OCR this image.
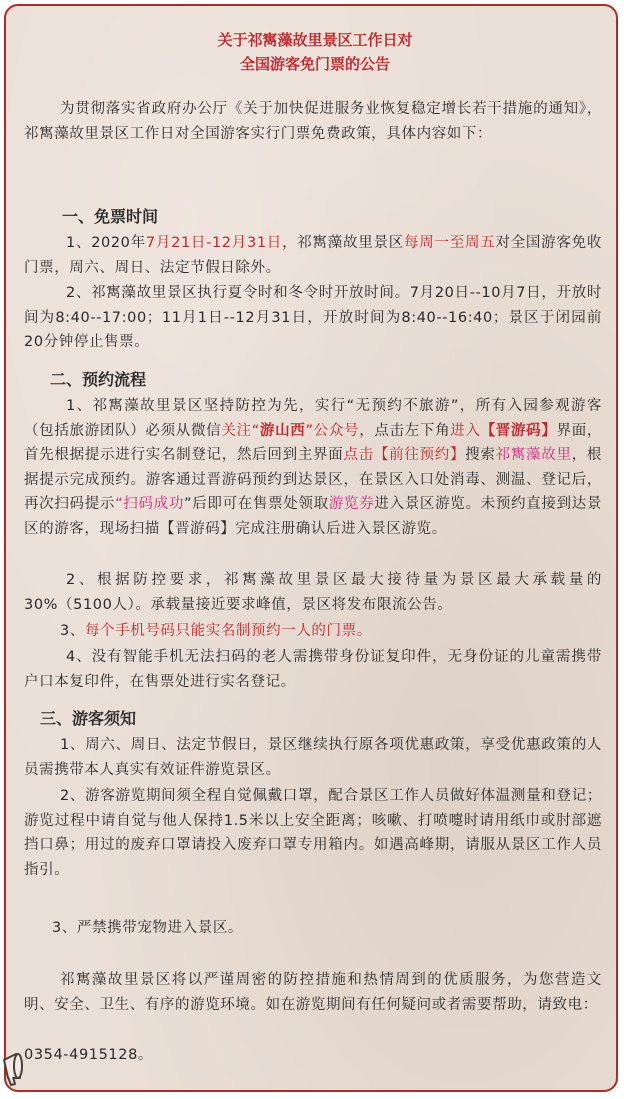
关于祁寯藻故里景区工作日对
全国游客免门票的公告

为贯彻落实省政府办公厅《关于加快促进服务业恢复稳定增长若干措施的通知》，祁寯藻故里景区工作日对全国游客实行门票免费政策，具体内容如下：

一、免票时间

1、2020年7月21日-12月31日，祁寯藻故里景区每周一至周五对全国游客免收门票，周六、周日、法定节假日除外。

2、祁寯藻故里景区执行夏令时和冬令时开放时间。7月20日--10月7日，开放时间为8:40--17:00；11月1日--12月31日，开放时间为8:40--16:40；景区于闭园前20分钟停止售票。

二、预约流程

1、祁寯藻故里景区坚持防控为先，实行“无预约不旅游”，所有入园参观游客（包括旅游团队）必须从微信关注“游山西”公众号，点击左下角进入【晋游码】界面，首先根据提示进行实名制登记，然后回到主界面点击【前往预约】搜索祁寯藻故里，根据提示完成预约。游客通过晋游码预约到达景区，在景区入口处消毒、测温、登记后，再次扫码提示“扫码成功”后即可在售票处领取游览券进入景区游览。未预约直接到达景区的游客，现场扫描【晋游码】完成注册确认后进入景区游览。

2、根据防控要求，祁寯藻故里景区最大接待量为景区最大承载量的30%（5100人）。承载量接近要求峰值，景区将发布限流公告。

3、每个手机号码只能实名制预约一人的门票。

4、没有智能手机无法扫码的老人需携带身份证复印件，无身份证的儿童需携带户口本复印件，在售票处进行实名登记。

三、游客须知

1、周六、周日、法定节假日，景区继续执行原各项优惠政策，享受优惠政策的人员需携带本人真实有效证件游览景区。

2、游客游览期间须全程自觉佩戴口罩，配合景区工作人员做好体温测量和登记；游览过程中请自觉与他人保持1.5米以上安全距离；咳嗽、打喷嚏时请用纸巾或肘部遮挡口鼻；用过的废弃口罩请投入废弃口罩专用箱内。如遇高峰期，请服从景区工作人员指引。

3、严禁携带宠物进入景区。

祁寯藻故里景区将以严谨周密的防控措施和热情周到的优质服务，为您营造文明、安全、卫生、有序的游览环境。如在游览期间有任何疑问或者需要帮助，请致电：

0354-4915128。
